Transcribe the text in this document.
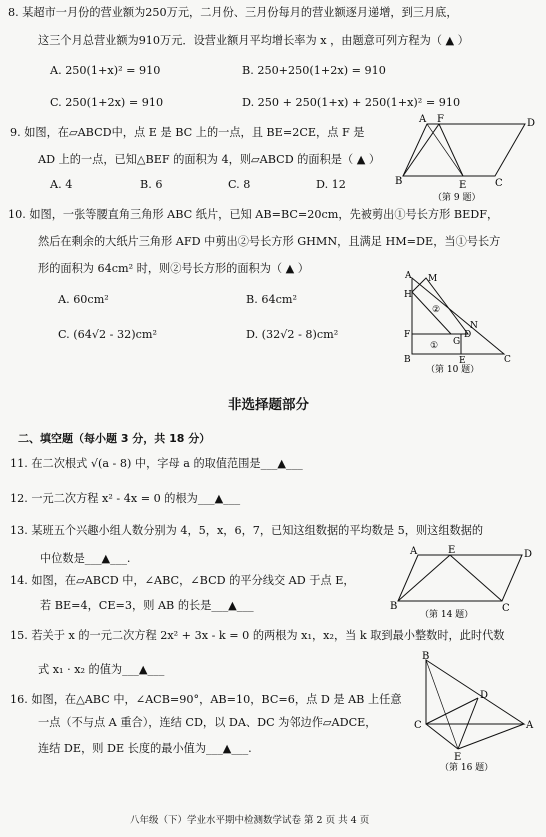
8. 某超市一月份的营业额为250万元，二月份、三月份每月的营业额逐月递增，到三月底，
这三个月总营业额为910万元．设营业额月平均增长率为 x ，由题意可列方程为（ ▲ ）
A. 250(1+x)² = 910	B. 250+250(1+2x) = 910
C. 250(1+2x) = 910	D. 250 + 250(1+x) + 250(1+x)² = 910
9. 如图，在▱ABCD中，点 E 是 BC 上的一点，且 BE=2CE，点 F 是
AD 上的一点，已知△BEF 的面积为 4，则▱ABCD 的面积是（ ▲ ）
A. 4	B. 6	C. 8	D. 12
A F	D
B	E	C
（第 9 题）
10. 如图，一张等腰直角三角形 ABC 纸片，已知 AB=BC=20cm，先被剪出①号长方形 BEDF，
然后在剩余的大纸片三角形 AFD 中剪出②号长方形 GHMN，且满足 HM=DE，当①号长方
形的面积为 64cm² 时，则②号长方形的面积为（ ▲ ）
A. 60cm²	B. 64cm²
C. (64√2 - 32)cm²	D. (32√2 - 8)cm²
A M
H
N
F	D
G
B	E	C
①
②
（第 10 题）
非选择题部分
二、填空题（每小题 3 分，共 18 分）
11. 在二次根式 √(a - 8) 中，字母 a 的取值范围是___▲___
12. 一元二次方程 x² - 4x = 0 的根为___▲___
13. 某班五个兴趣小组人数分别为 4，5，x，6，7，已知这组数据的平均数是 5，则这组数据的
中位数是___▲___.
14. 如图，在▱ABCD 中，∠ABC，∠BCD 的平分线交 AD 于点 E，
若 BE=4，CE=3，则 AB 的长是___▲___
A	E	D
B	C
（第 14 题）
15. 若关于 x 的一元二次方程 2x² + 3x - k = 0 的两根为 x₁，x₂，当 k 取到最小整数时，此时代数
式 x₁ · x₂ 的值为___▲___
16. 如图，在△ABC 中，∠ACB=90°，AB=10，BC=6，点 D 是 AB 上任意
一点（不与点 A 重合），连结 CD，以 DA、DC 为邻边作▱ADCE，
连结 DE，则 DE 长度的最小值为___▲___.
B
D
C	A
E
（第 16 题）
八年级（下）学业水平期中检测数学试卷 第 2 页 共 4 页
